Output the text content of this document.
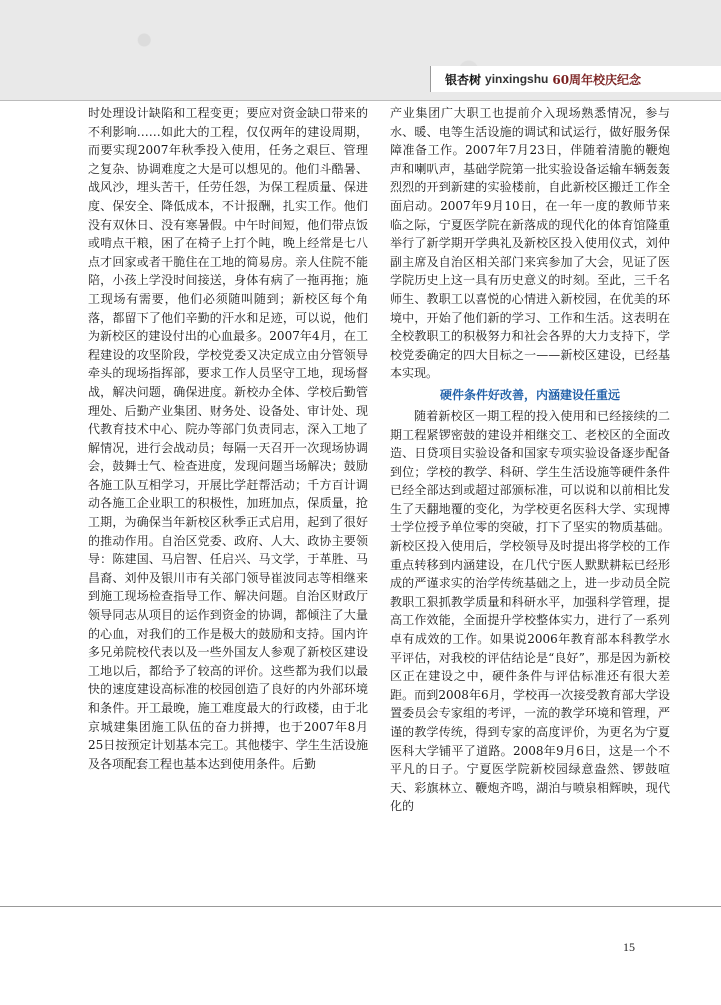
银杏树 yinxingshu 60周年校庆纪念

时处理设计缺陷和工程变更；要应对资金缺口带来的不利影响……如此大的工程，仅仅两年的建设周期，而要实现2007年秋季投入使用，任务之艰巨、管理之复杂、协调难度之大是可以想见的。他们斗酷暑、战风沙，埋头苦干，任劳任怨，为保工程质量、保进度、保安全、降低成本，不计报酬，扎实工作。他们没有双休日、没有寒暑假。中午时间短，他们带点饭或啃点干粮，困了在椅子上打个盹，晚上经常是七八点才回家或者干脆住在工地的简易房。亲人住院不能陪，小孩上学没时间接送，身体有病了一拖再拖；施工现场有需要，他们必须随叫随到；新校区每个角落，都留下了他们辛勤的汗水和足迹，可以说，他们为新校区的建设付出的心血最多。2007年4月，在工程建设的攻坚阶段，学校党委又决定成立由分管领导牵头的现场指挥部，要求工作人员坚守工地，现场督战，解决问题，确保进度。新校办全体、学校后勤管理处、后勤产业集团、财务处、设备处、审计处、现代教育技术中心、院办等部门负责同志，深入工地了解情况，进行会战动员；每隔一天召开一次现场协调会，鼓舞士气、检查进度，发现问题当场解决；鼓励各施工队互相学习，开展比学赶帮活动；千方百计调动各施工企业职工的积极性，加班加点，保质量，抢工期，为确保当年新校区秋季正式启用，起到了很好的推动作用。自治区党委、政府、人大、政协主要领导：陈建国、马启智、任启兴、马文学，于革胜、马昌裔、刘仲及银川市有关部门领导崔波同志等相继来到施工现场检查指导工作、解决问题。自治区财政厅领导同志从项目的运作到资金的协调，都倾注了大量的心血，对我们的工作是极大的鼓励和支持。国内许多兄弟院校代表以及一些外国友人参观了新校区建设工地以后，都给予了较高的评价。这些都为我们以最快的速度建设高标准的校园创造了良好的内外部环境和条件。开工最晚，施工难度最大的行政楼，由于北京城建集团施工队伍的奋力拼搏，也于2007年8月25日按预定计划基本完工。其他楼宇、学生生活设施及各项配套工程也基本达到使用条件。后勤

产业集团广大职工也提前介入现场熟悉情况，参与水、暖、电等生活设施的调试和试运行，做好服务保障准备工作。2007年7月23日，伴随着清脆的鞭炮声和喇叭声，基础学院第一批实验设备运输车辆轰轰烈烈的开到新建的实验楼前，自此新校区搬迁工作全面启动。2007年9月10日，在一年一度的教师节来临之际，宁夏医学院在新落成的现代化的体育馆隆重举行了新学期开学典礼及新校区投入使用仪式，刘仲副主席及自治区相关部门来宾参加了大会，见证了医学院历史上这一具有历史意义的时刻。至此，三千名师生、教职工以喜悦的心情进入新校园，在优美的环境中，开始了他们新的学习、工作和生活。这表明在全校教职工的积极努力和社会各界的大力支持下，学校党委确定的四大目标之一——新校区建设，已经基本实现。

硬件条件好改善，内涵建设任重远

随着新校区一期工程的投入使用和已经接续的二期工程紧锣密鼓的建设并相继交工、老校区的全面改造、日贷项目实验设备和国家专项实验设备逐步配备到位；学校的教学、科研、学生生活设施等硬件条件已经全部达到或超过部颁标准，可以说和以前相比发生了天翻地覆的变化，为学校更名医科大学、实现博士学位授予单位零的突破，打下了坚实的物质基础。新校区投入使用后，学校领导及时提出将学校的工作重点转移到内涵建设，在几代宁医人默默耕耘已经形成的严谨求实的治学传统基础之上，进一步动员全院教职工狠抓教学质量和科研水平，加强科学管理，提高工作效能，全面提升学校整体实力，进行了一系列卓有成效的工作。如果说2006年教育部本科教学水平评估，对我校的评估结论是“良好”，那是因为新校区正在建设之中，硬件条件与评估标准还有很大差距。而到2008年6月，学校再一次接受教育部大学设置委员会专家组的考评，一流的教学环境和管理，严谨的教学传统，得到专家的高度评价，为更名为宁夏医科大学铺平了道路。2008年9月6日，这是一个不平凡的日子。宁夏医学院新校园绿意盎然、锣鼓喧天、彩旗林立、鞭炮齐鸣，湖泊与喷泉相辉映，现代化的

15
